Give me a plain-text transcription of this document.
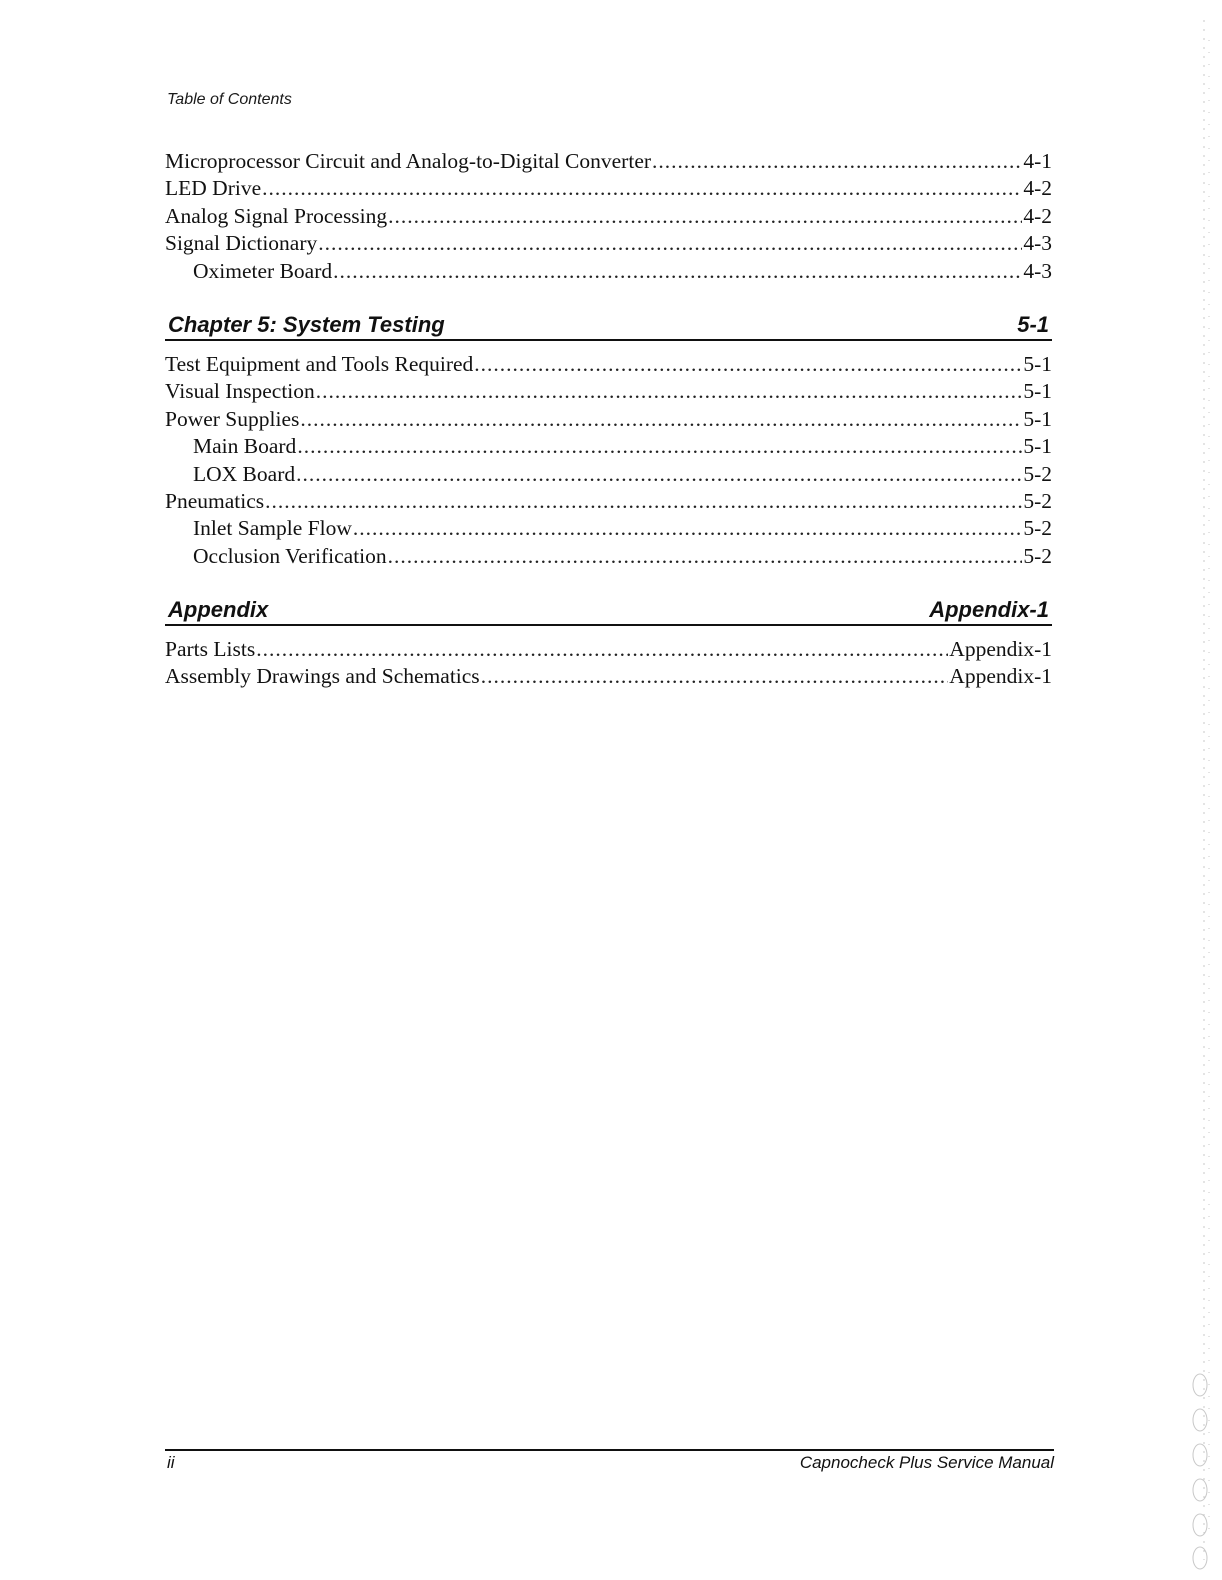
Table of Contents
Microprocessor Circuit and Analog-to-Digital Converter .....	4-1
LED Drive .....	4-2
Analog Signal Processing .....	4-2
Signal Dictionary .....	4-3
Oximeter Board .....	4-3
Chapter 5: System Testing	5-1
Test Equipment and Tools Required .....	5-1
Visual Inspection .....	5-1
Power Supplies .....	5-1
Main Board .....	5-1
LOX Board .....	5-2
Pneumatics .....	5-2
Inlet Sample Flow .....	5-2
Occlusion Verification .....	5-2
Appendix	Appendix-1
Parts Lists .....	Appendix-1
Assembly Drawings and Schematics .....	Appendix-1
ii	Capnocheck Plus Service Manual
